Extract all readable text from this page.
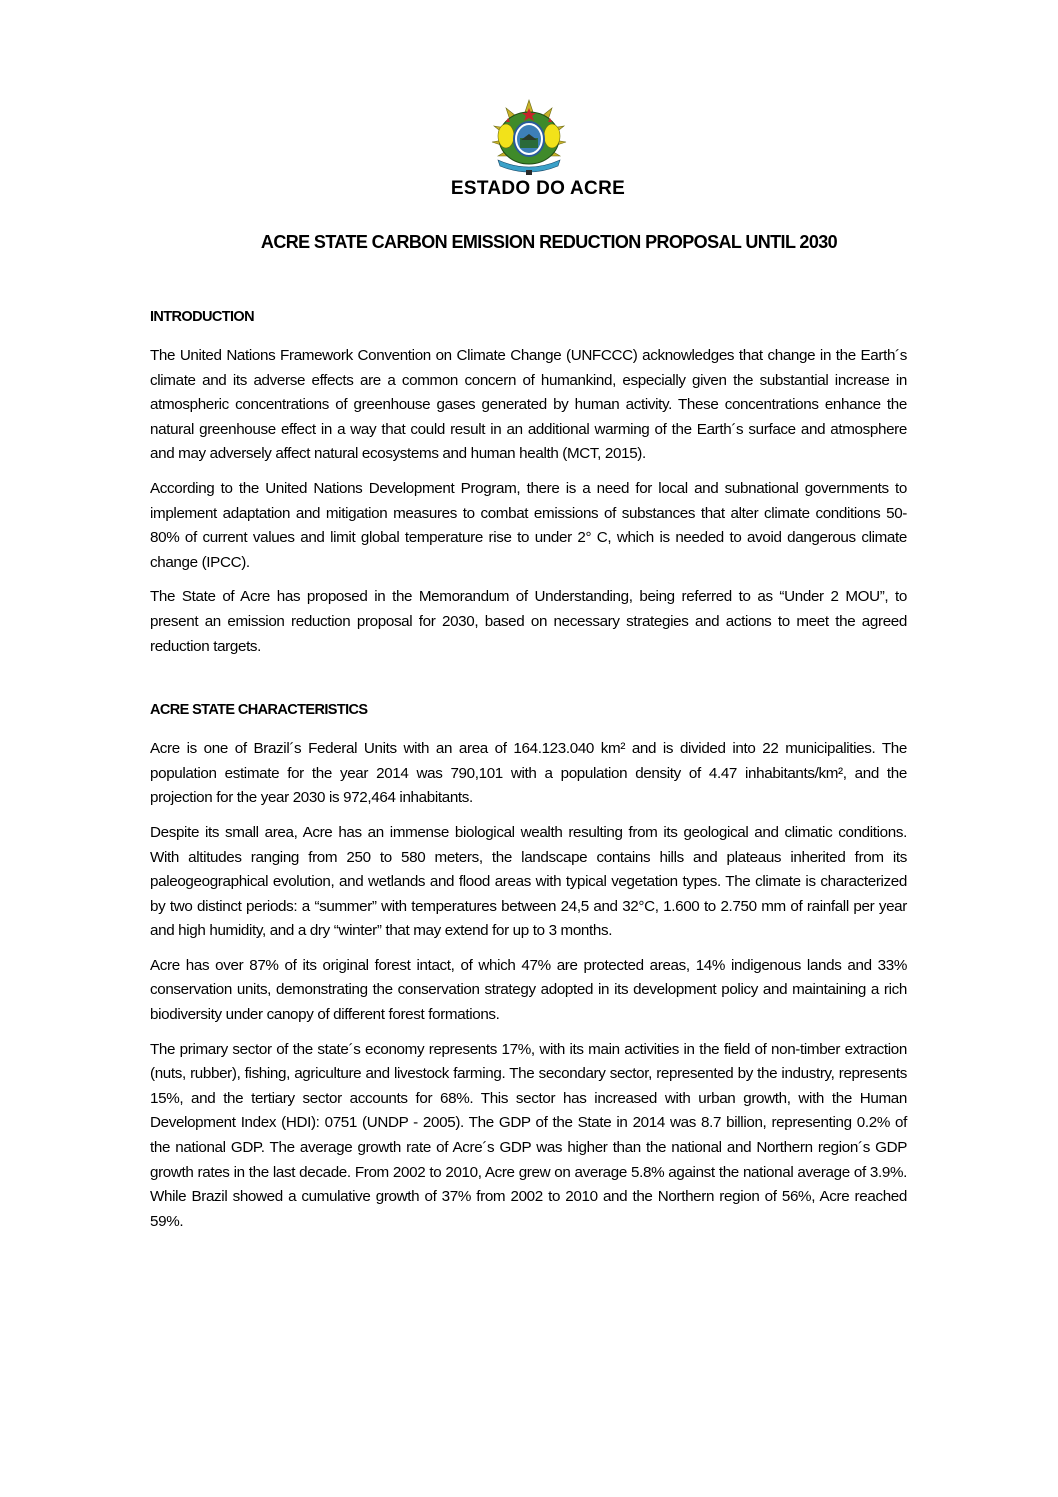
ESTADO DO ACRE
ACRE STATE CARBON EMISSION REDUCTION PROPOSAL UNTIL 2030
INTRODUCTION

The United Nations Framework Convention on Climate Change (UNFCCC) acknowledges that change in the Earth´s climate and its adverse effects are a common concern of humankind, especially given the substantial increase in atmospheric concentrations of greenhouse gases generated by human activity. These concentrations enhance the natural greenhouse effect in a way that could result in an additional warming of the Earth´s surface and atmosphere and may adversely affect natural ecosystems and human health (MCT, 2015).

According to the United Nations Development Program, there is a need for local and subnational governments to implement adaptation and mitigation measures to combat emissions of substances that alter climate conditions 50-80% of current values and limit global temperature rise to under 2° C, which is needed to avoid dangerous climate change (IPCC).

The State of Acre has proposed in the Memorandum of Understanding, being referred to as “Under 2 MOU”, to present an emission reduction proposal for 2030, based on necessary strategies and actions to meet the agreed reduction targets.

ACRE STATE CHARACTERISTICS

Acre is one of Brazil´s Federal Units with an area of 164.123.040 km² and is divided into 22 municipalities. The population estimate for the year 2014 was 790,101 with a population density of 4.47 inhabitants/km², and the projection for the year 2030 is 972,464 inhabitants.

Despite its small area, Acre has an immense biological wealth resulting from its geological and climatic conditions. With altitudes ranging from 250 to 580 meters, the landscape contains hills and plateaus inherited from its paleogeographical evolution, and wetlands and flood areas with typical vegetation types. The climate is characterized by two distinct periods: a “summer” with temperatures between 24,5 and 32°C, 1.600 to 2.750 mm of rainfall per year and high humidity, and a dry “winter” that may extend for up to 3 months.

Acre has over 87% of its original forest intact, of which 47% are protected areas, 14% indigenous lands and 33% conservation units, demonstrating the conservation strategy adopted in its development policy and maintaining a rich biodiversity under canopy of different forest formations.

The primary sector of the state´s economy represents 17%, with its main activities in the field of non-timber extraction (nuts, rubber), fishing, agriculture and livestock farming. The secondary sector, represented by the industry, represents 15%, and the tertiary sector accounts for 68%. This sector has increased with urban growth, with the Human Development Index (HDI): 0751 (UNDP - 2005). The GDP of the State in 2014 was 8.7 billion, representing 0.2% of the national GDP. The average growth rate of Acre´s GDP was higher than the national and Northern region´s GDP growth rates in the last decade. From 2002 to 2010, Acre grew on average 5.8% against the national average of 3.9%. While Brazil showed a cumulative growth of 37% from 2002 to 2010 and the Northern region of 56%, Acre reached 59%.
